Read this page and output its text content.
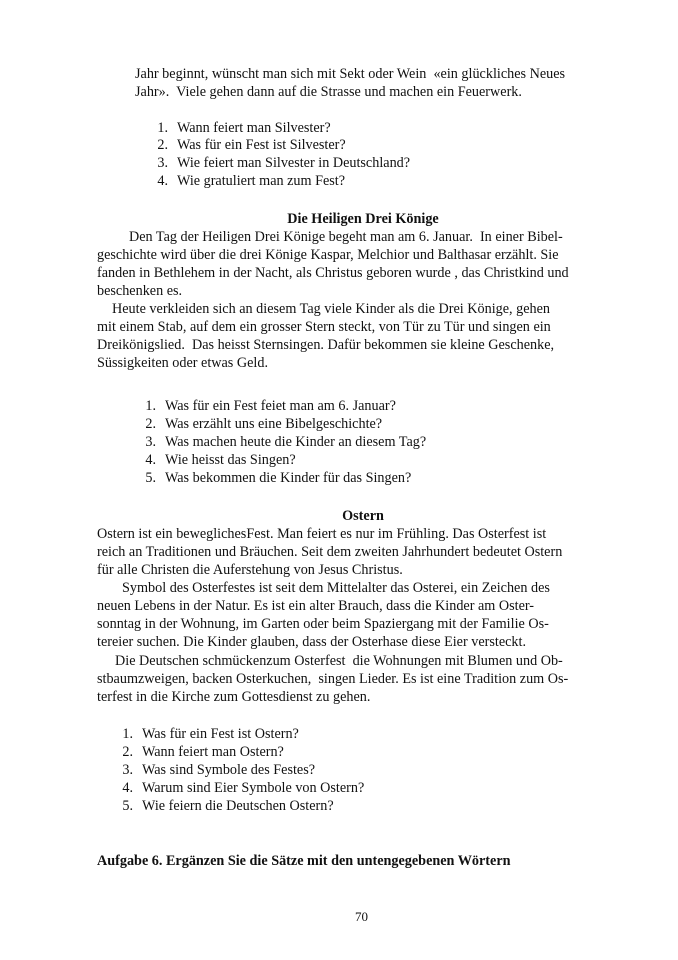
Jahr beginnt, wünscht man sich mit Sekt oder Wein  «ein glückliches Neues
Jahr».  Viele gehen dann auf die Strasse und machen ein Feuerwerk.
1. Wann feiert man Silvester?
2. Was für ein Fest ist Silvester?
3. Wie feiert man Silvester in Deutschland?
4. Wie gratuliert man zum Fest?
Die Heiligen Drei Könige
Den Tag der Heiligen Drei Könige begeht man am 6. Januar.  In einer Bibel-
geschichte wird über die drei Könige Kaspar, Melchior und Balthasar erzählt. Sie
fanden in Bethlehem in der Nacht, als Christus geboren wurde , das Christkind und
beschenken es.
Heute verkleiden sich an diesem Tag viele Kinder als die Drei Könige, gehen
mit einem Stab, auf dem ein grosser Stern steckt, von Tür zu Tür und singen ein
Dreikönigslied.  Das heisst Sternsingen. Dafür bekommen sie kleine Geschenke,
Süssigkeiten oder etwas Geld.
1. Was für ein Fest feiet man am 6. Januar?
2. Was erzählt uns eine Bibelgeschichte?
3. Was machen heute die Kinder an diesem Tag?
4. Wie heisst das Singen?
5. Was bekommen die Kinder für das Singen?
Ostern
Ostern ist ein beweglichesFest. Man feiert es nur im Frühling. Das Osterfest ist
reich an Traditionen und Bräuchen. Seit dem zweiten Jahrhundert bedeutet Ostern
für alle Christen die Auferstehung von Jesus Christus.
Symbol des Osterfestes ist seit dem Mittelalter das Osterei, ein Zeichen des
neuen Lebens in der Natur. Es ist ein alter Brauch, dass die Kinder am Oster-
sonntag in der Wohnung, im Garten oder beim Spaziergang mit der Familie Os-
tereier suchen. Die Kinder glauben, dass der Osterhase diese Eier versteckt.
Die Deutschen schmückenzum Osterfest  die Wohnungen mit Blumen und Ob-
stbaumzweigen, backen Osterkuchen,  singen Lieder. Es ist eine Tradition zum Os-
terfest in die Kirche zum Gottesdienst zu gehen.
1. Was für ein Fest ist Ostern?
2. Wann feiert man Ostern?
3. Was sind Symbole des Festes?
4. Warum sind Eier Symbole von Ostern?
5. Wie feiern die Deutschen Ostern?
Aufgabe 6. Ergänzen Sie die Sätze mit den untengegebenen Wörtern
70
